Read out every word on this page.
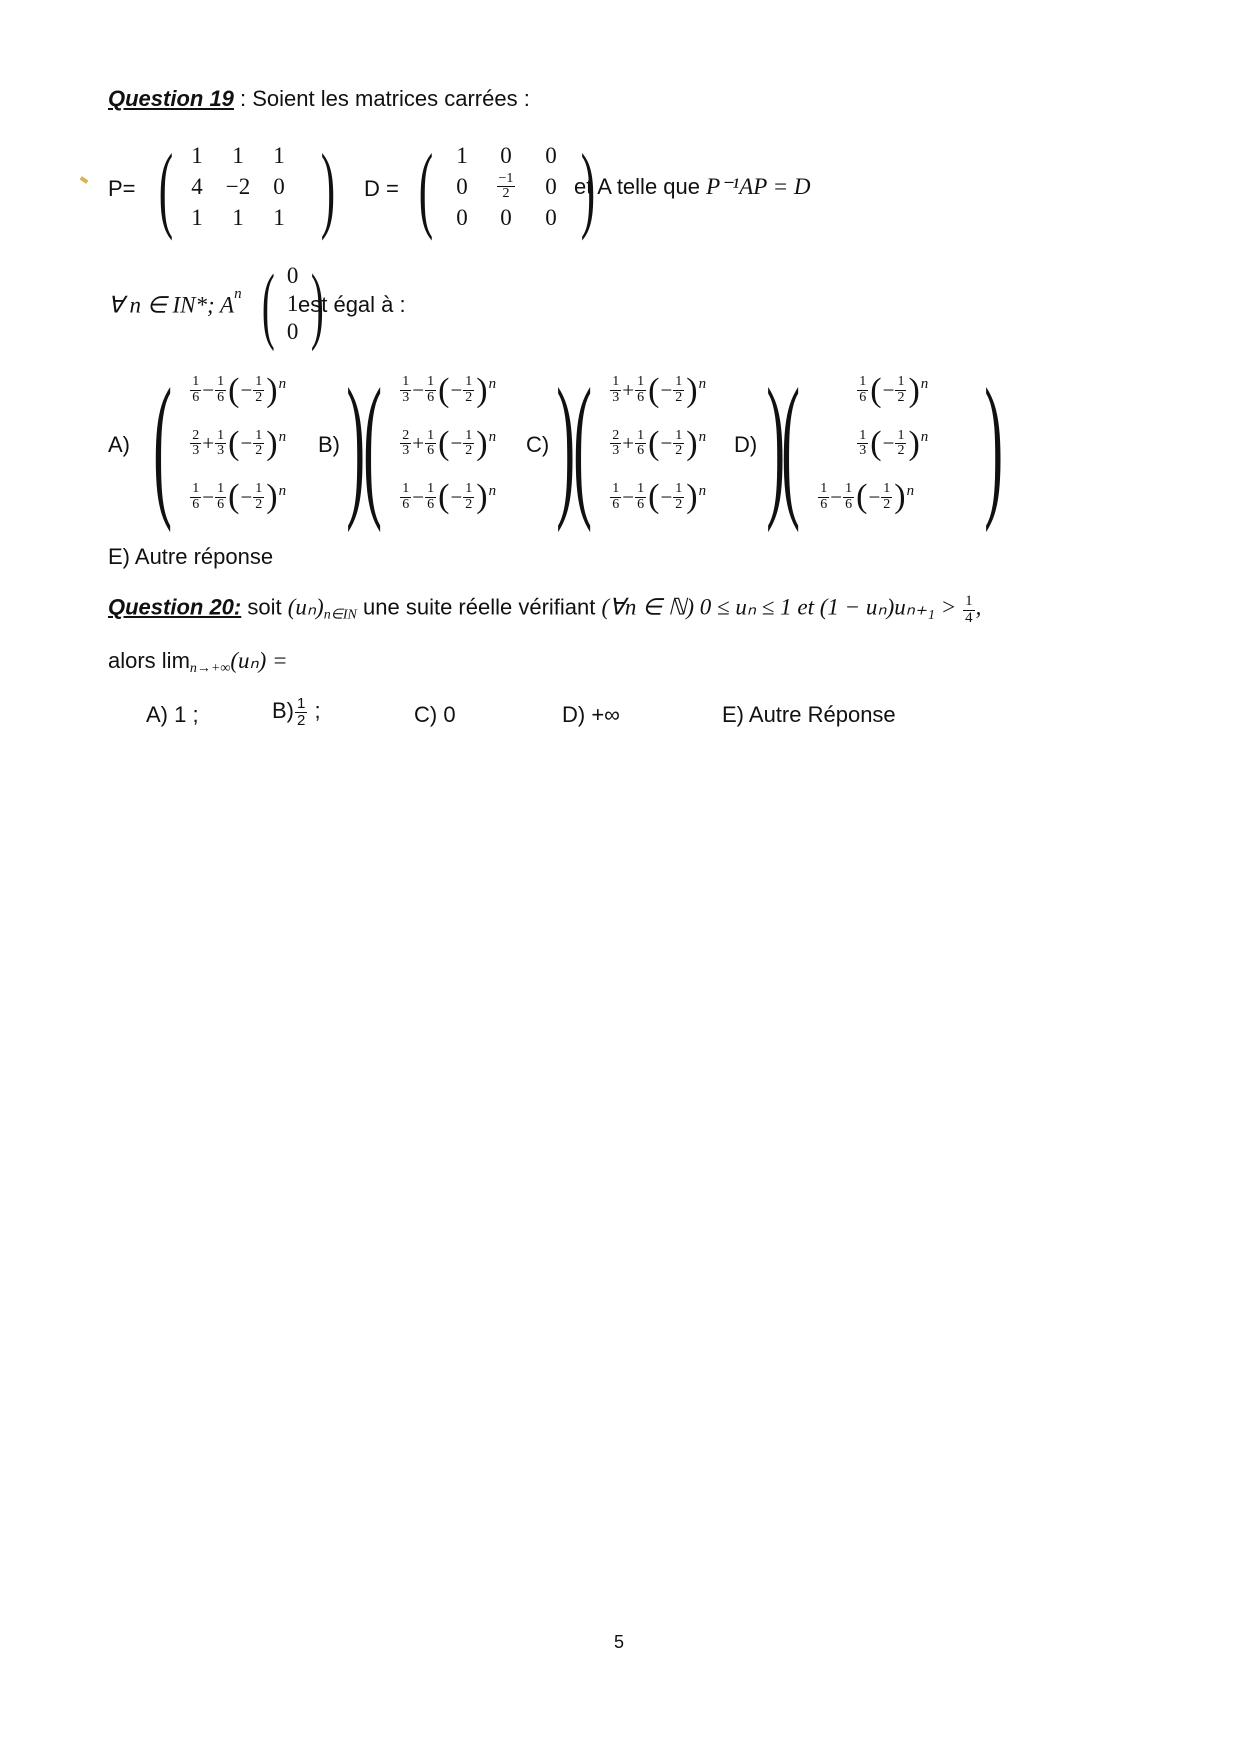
Question 19 : Soient les matrices carrées :
P= ( 1 1 1
4 −2 0
1 1 1 ) D = ( 1 0 0
$0 \frac{-1}{2} 0$
0 0 0 )
et A telle que P⁻¹AP = D
∀ n ∈ IN*; $A^n$ ( 0
1
0 )
est égal à :
A) ( $\frac{1}{6} - \frac{1}{6}$ ( − $\frac{1}{2}$ ) n
$\frac{2}{3} + \frac{1}{3}$ ( − $\frac{1}{2}$ ) n
$\frac{1}{6} - \frac{1}{6}$ ( − $\frac{1}{2}$ ) n )
B) ( $\frac{1}{3} - \frac{1}{6}$ ( − $\frac{1}{2}$ ) n
$\frac{2}{3} + \frac{1}{6}$ ( − $\frac{1}{2}$ ) n
$\frac{1}{6} - \frac{1}{6}$ ( − $\frac{1}{2}$ ) n )
C) ( $\frac{1}{3} + \frac{1}{6}$ ( − $\frac{1}{2}$ ) n
$\frac{2}{3} + \frac{1}{6}$ ( − $\frac{1}{2}$ ) n
$\frac{1}{6} - \frac{1}{6}$ ( − $\frac{1}{2}$ ) n )
D) (	$\frac{1}{6}$ ( − $\frac{1}{2}$ ) n
$\frac{1}{3}$ ( − $\frac{1}{2}$ ) n
$\frac{1}{6} - \frac{1}{6}$ ( − $\frac{1}{2}$ ) n )
E) Autre réponse
Question 20: soit $(u_n)_{n\in IN}$ une suite réelle vérifiant (∀n ∈ ℕ) 0 ≤ uₙ ≤ 1 et $(1 - u_n)u_{n+1} > \frac{1}{4}$ ,
alors $\lim_{n\to+\infty}(u_n)$ =
A) 1 ;	$B) \frac{1}{2}$ ;	C) 0	D) +∞	E) Autre Réponse
5
